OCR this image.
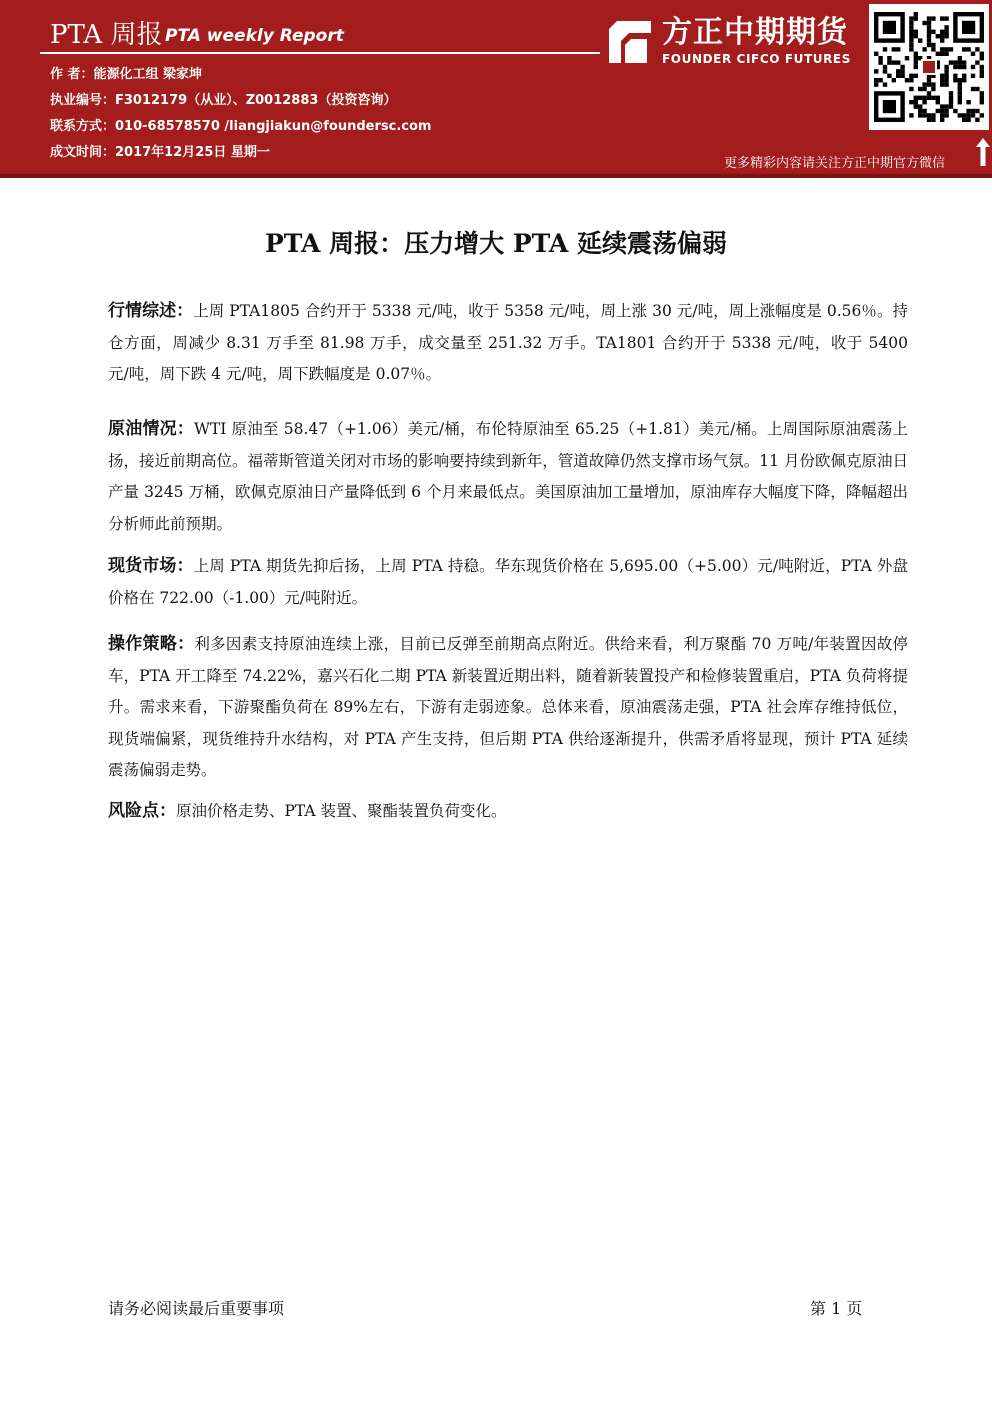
PTA 周报 PTA weekly Report
作 者：能源化工组 梁家坤
执业编号：F3012179（从业）、Z0012883（投资咨询）
联系方式：010-68578570 /liangjiakun@foundersc.com
成文时间：2017年12月25日 星期一
方正中期期货
FOUNDER CIFCO FUTURES
更多精彩内容请关注方正中期官方微信
PTA 周报：压力增大 PTA 延续震荡偏弱
行情综述：上周 PTA1805 合约开于 5338 元/吨，收于 5358 元/吨，周上涨 30 元/吨，周上涨幅度是 0.56％。持仓方面，周减少 8.31 万手至 81.98 万手，成交量至 251.32 万手。TA1801 合约开于 5338 元/吨，收于 5400 元/吨，周下跌 4 元/吨，周下跌幅度是 0.07％。
原油情况：WTI 原油至 58.47（+1.06）美元/桶，布伦特原油至 65.25（+1.81）美元/桶。上周国际原油震荡上扬，接近前期高位。福蒂斯管道关闭对市场的影响要持续到新年，管道故障仍然支撑市场气氛。11 月份欧佩克原油日产量 3245 万桶，欧佩克原油日产量降低到 6 个月来最低点。美国原油加工量增加，原油库存大幅度下降，降幅超出分析师此前预期。
现货市场：上周 PTA 期货先抑后扬，上周 PTA 持稳。华东现货价格在 5,695.00（+5.00）元/吨附近，PTA 外盘价格在 722.00（-1.00）元/吨附近。
操作策略：利多因素支持原油连续上涨，目前已反弹至前期高点附近。供给来看，利万聚酯 70 万吨/年装置因故停车，PTA 开工降至 74.22%，嘉兴石化二期 PTA 新装置近期出料，随着新装置投产和检修装置重启，PTA 负荷将提升。需求来看，下游聚酯负荷在 89%左右，下游有走弱迹象。总体来看，原油震荡走强，PTA 社会库存维持低位，现货端偏紧，现货维持升水结构，对 PTA 产生支持，但后期 PTA 供给逐渐提升，供需矛盾将显现，预计 PTA 延续震荡偏弱走势。
风险点：原油价格走势、PTA 装置、聚酯装置负荷变化。
请务必阅读最后重要事项	第 1 页
